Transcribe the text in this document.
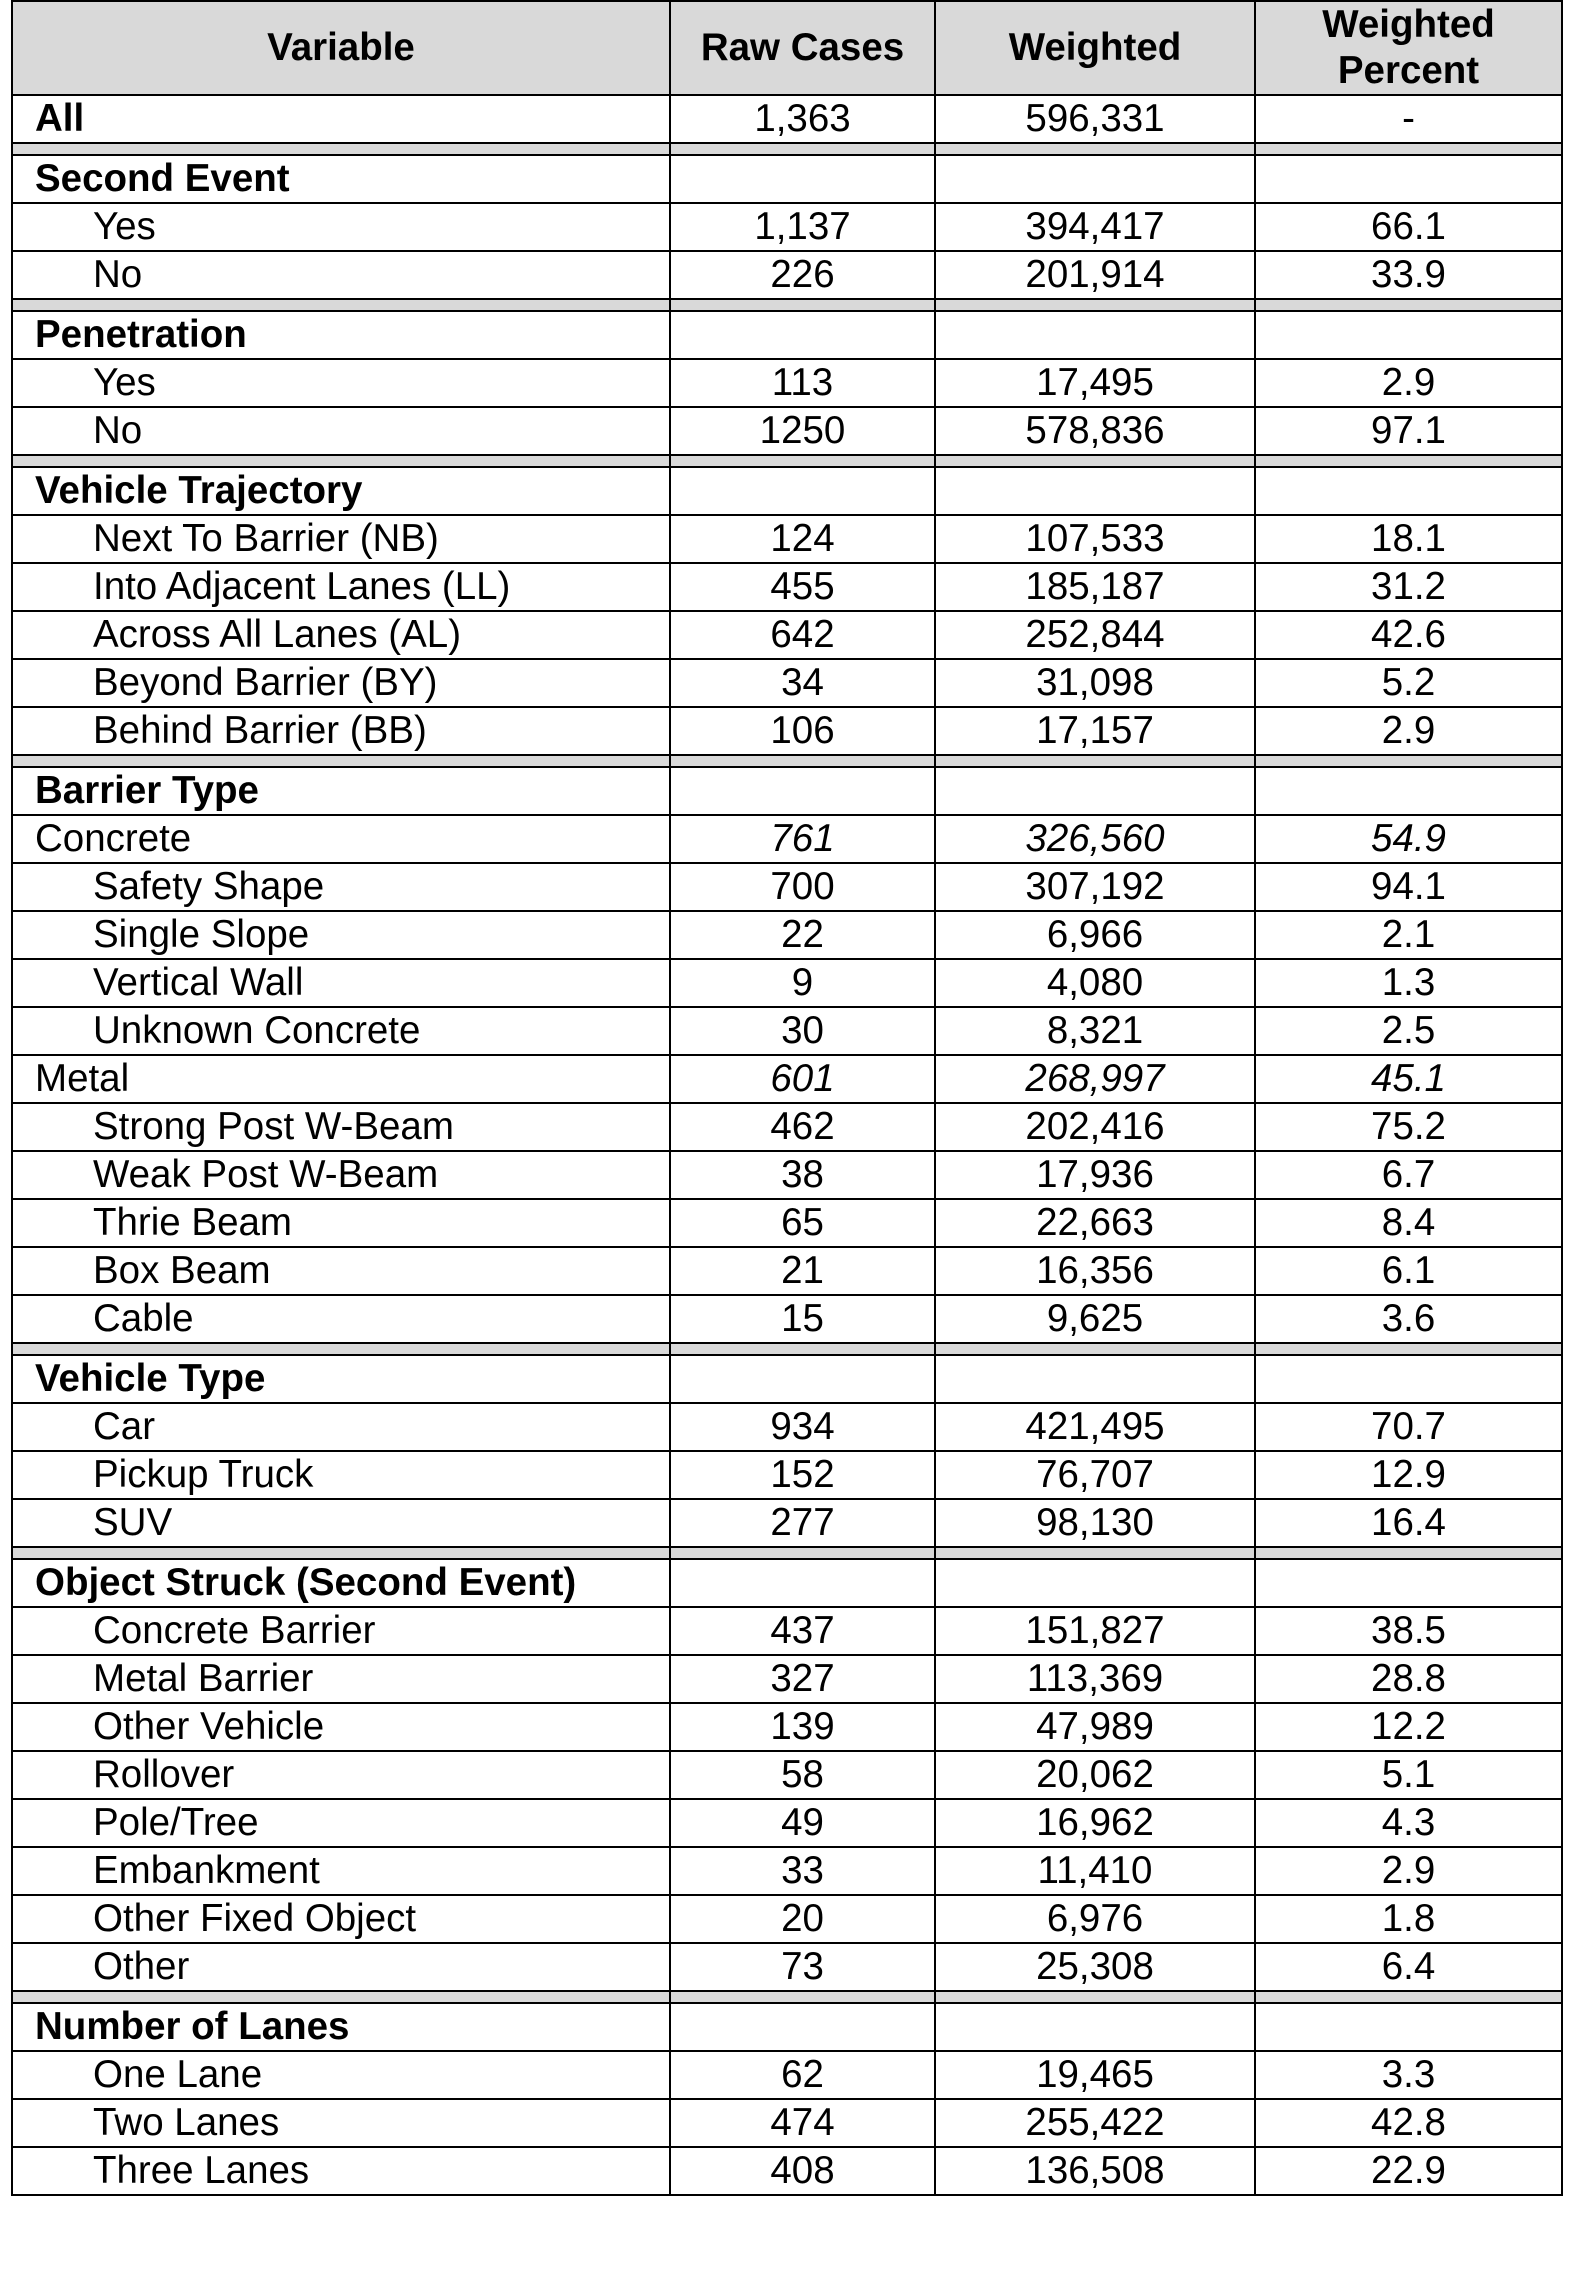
Variable	Raw Cases	Weighted	Weighted Percent
All	1,363	596,331	-

Second Event			
Yes	1,137	394,417	66.1
No	226	201,914	33.9

Penetration			
Yes	113	17,495	2.9
No	1250	578,836	97.1

Vehicle Trajectory			
Next To Barrier (NB)	124	107,533	18.1
Into Adjacent Lanes (LL)	455	185,187	31.2
Across All Lanes (AL)	642	252,844	42.6
Beyond Barrier (BY)	34	31,098	5.2
Behind Barrier (BB)	106	17,157	2.9

Barrier Type			
Concrete	761	326,560	54.9
Safety Shape	700	307,192	94.1
Single Slope	22	6,966	2.1
Vertical Wall	9	4,080	1.3
Unknown Concrete	30	8,321	2.5
Metal	601	268,997	45.1
Strong Post W-Beam	462	202,416	75.2
Weak Post W-Beam	38	17,936	6.7
Thrie Beam	65	22,663	8.4
Box Beam	21	16,356	6.1
Cable	15	9,625	3.6

Vehicle Type			
Car	934	421,495	70.7
Pickup Truck	152	76,707	12.9
SUV	277	98,130	16.4

Object Struck (Second Event)			
Concrete Barrier	437	151,827	38.5
Metal Barrier	327	113,369	28.8
Other Vehicle	139	47,989	12.2
Rollover	58	20,062	5.1
Pole/Tree	49	16,962	4.3
Embankment	33	11,410	2.9
Other Fixed Object	20	6,976	1.8
Other	73	25,308	6.4

Number of Lanes			
One Lane	62	19,465	3.3
Two Lanes	474	255,422	42.8
Three Lanes	408	136,508	22.9
